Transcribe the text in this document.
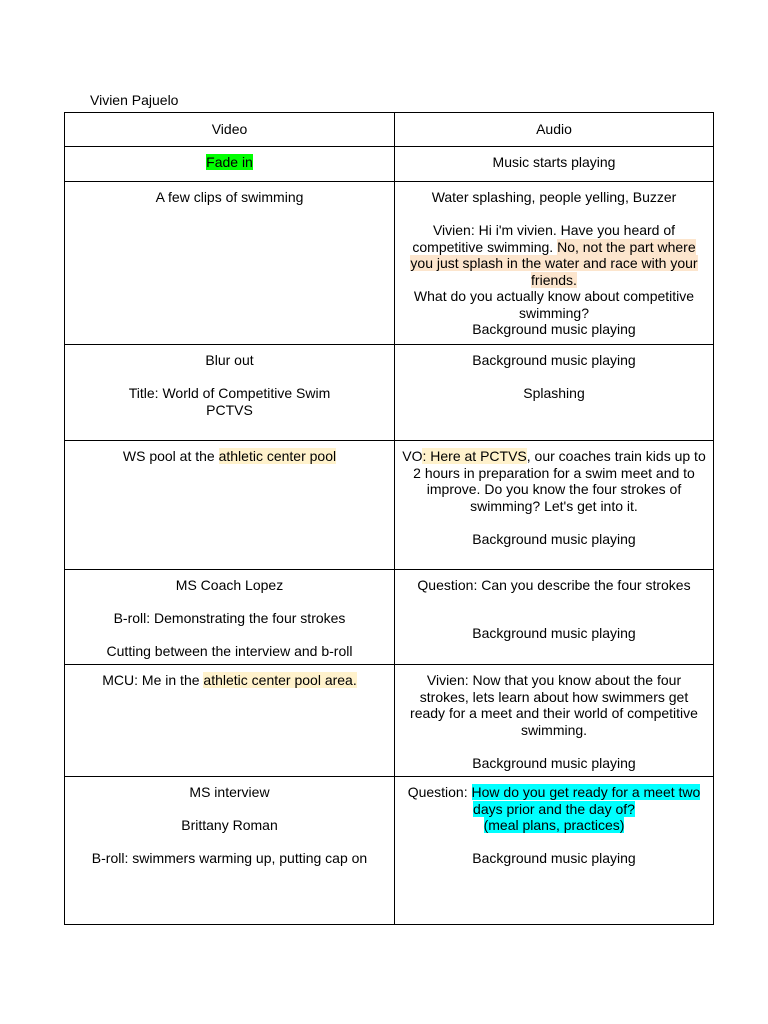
Vivien Pajuelo
Video	Audio
Fade in	Music starts playing

A few clips of swimming	Water splashing, people yelling, Buzzer
Vivien: Hi i'm vivien. Have you heard of competitive swimming. No, not the part where you just splash in the water and race with your friends.
What do you actually know about competitive swimming?
Background music playing

Blur out
Title: World of Competitive Swim
PCTVS	Background music playing
Splashing

WS pool at the athletic center pool	VO: Here at PCTVS, our coaches train kids up to 2 hours in preparation for a swim meet and to improve. Do you know the four strokes of swimming? Let's get into it.
Background music playing

MS Coach Lopez
B-roll: Demonstrating the four strokes
Cutting between the interview and b-roll	Question: Can you describe the four strokes
Background music playing

MCU: Me in the athletic center pool area.	Vivien: Now that you know about the four strokes, lets learn about how swimmers get ready for a meet and their world of competitive swimming.
Background music playing

MS interview
Brittany Roman
B-roll: swimmers warming up, putting cap on	Question: How do you get ready for a meet two days prior and the day of?
(meal plans, practices)
Background music playing
